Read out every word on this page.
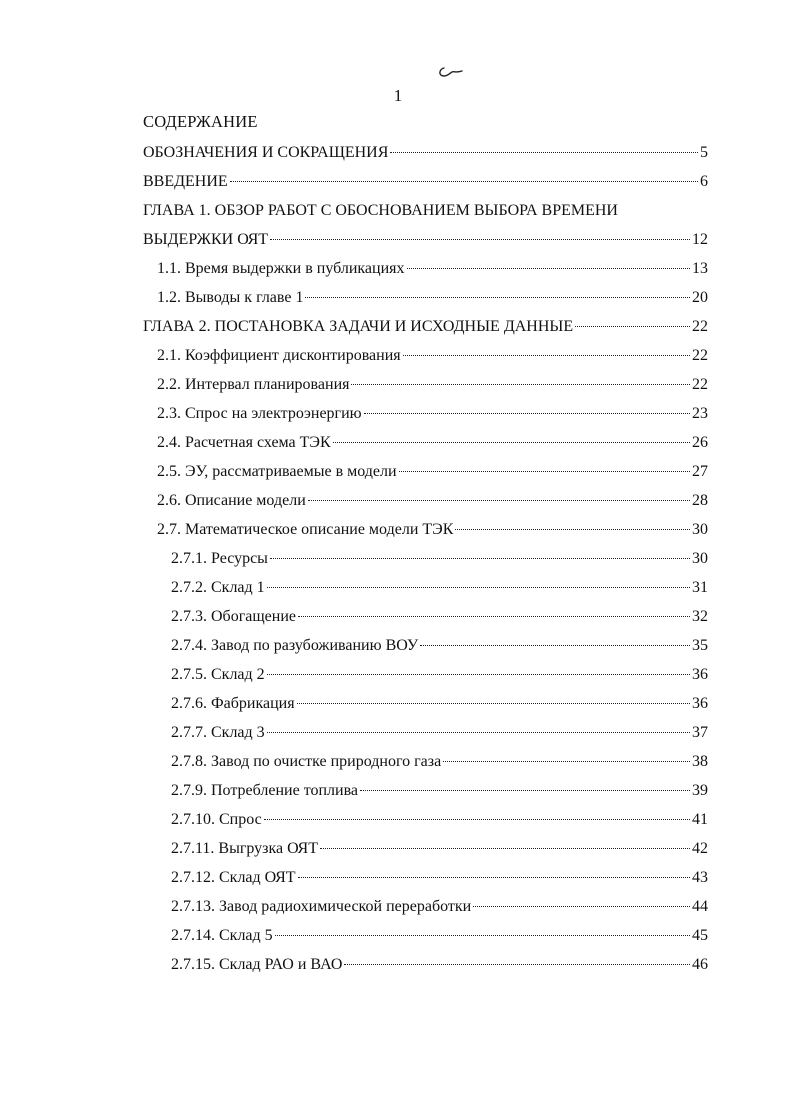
1
СОДЕРЖАНИЕ
ОБОЗНАЧЕНИЯ И СОКРАЩЕНИЯ	5
ВВЕДЕНИЕ	6
ГЛАВА 1. ОБЗОР РАБОТ С ОБОСНОВАНИЕМ ВЫБОРА ВРЕМЕНИ
ВЫДЕРЖКИ ОЯТ	12
1.1. Время выдержки в публикациях	13
1.2. Выводы к главе 1	20
ГЛАВА 2. ПОСТАНОВКА ЗАДАЧИ И ИСХОДНЫЕ ДАННЫЕ	22
2.1. Коэффициент дисконтирования	22
2.2. Интервал планирования	22
2.3. Спрос на электроэнергию	23
2.4. Расчетная схема ТЭК	26
2.5. ЭУ, рассматриваемые в модели	27
2.6. Описание модели	28
2.7. Математическое описание модели ТЭК	30
2.7.1. Ресурсы	30
2.7.2. Склад 1	31
2.7.3. Обогащение	32
2.7.4. Завод по разубоживанию ВОУ	35
2.7.5. Склад 2	36
2.7.6. Фабрикация	36
2.7.7. Склад 3	37
2.7.8. Завод по очистке природного газа	38
2.7.9. Потребление топлива	39
2.7.10. Спрос	41
2.7.11. Выгрузка ОЯТ	42
2.7.12. Склад ОЯТ	43
2.7.13. Завод радиохимической переработки	44
2.7.14. Склад 5	45
2.7.15. Склад РАО и ВАО	46
